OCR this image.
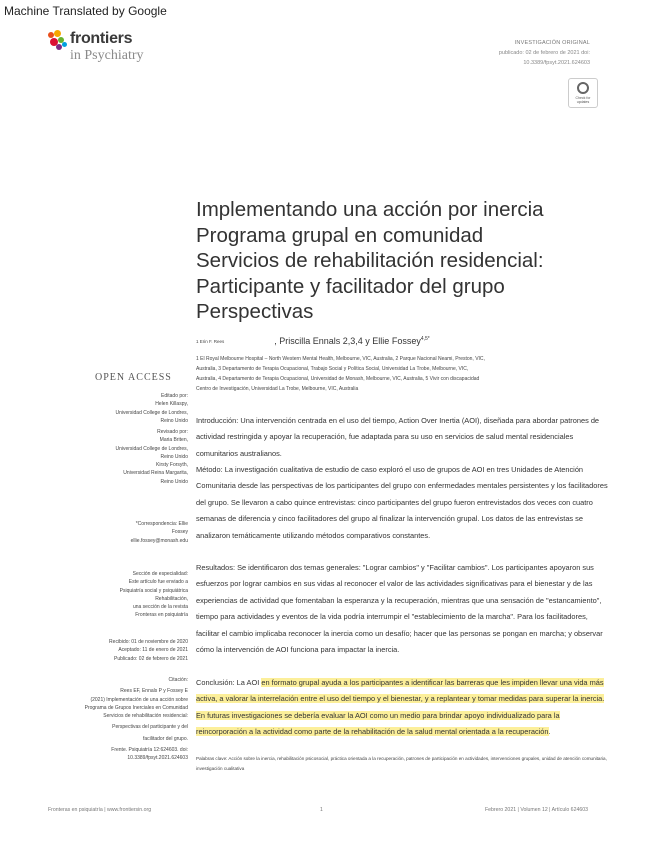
Machine Translated by Google
frontiers
in Psychiatry
INVESTIGACIÓN ORIGINAL
publicado: 02 de febrero de 2021 doi:
10.3389/fpsyt.2021.624603
Check for updates
Implementando una acción por inercia
Programa grupal en comunidad
Servicios de rehabilitación residencial:
Participante y facilitador del grupo
Perspectivas
1 Erin F. Rees	, Priscilla Ennals 2,3,4 y Ellie Fossey$^{4,5*}$
1 El Royal Melbourne Hospital – North Western Mental Health, Melbourne, VIC, Australia, 2 Parque Nacional Neami, Preston, VIC,
Australia, 3 Departamento de Terapia Ocupacional, Trabajo Social y Política Social, Universidad La Trobe, Melbourne, VIC,
Australia, 4 Departamento de Terapia Ocupacional, Universidad de Monash, Melbourne, VIC, Australia, 5 Vivir con discapacidad
Centro de Investigación, Universidad La Trobe, Melbourne, VIC, Australia
OPEN ACCESS
Editado por:
Helen Killaspy,
Universidad College de Londres,
Reino Unido
Revisado por:
Maria Briten,
Universidad College de Londres,
Reino Unido
Kirsty Forsyth,
Universidad Reina Margarita,
Reino Unido
*Correspondencia: Ellie
Fossey
ellie.fossey@monash.edu
Sección de especialidad:
Este artículo fue enviado a
Psiquiatría social y psiquiátrica
Rehabilitación,
una sección de la revista
Fronteras en psiquiatría
Recibido: 01 de noviembre de 2020
Aceptado: 11 de enero de 2021
Publicado: 02 de febrero de 2021
Citación:
Rees EF, Ennals P y Fossey E
(2021) Implementación de una acción sobre
Programa de Grupos Inerciales en Comunidad
Servicios de rehabilitación residencial:
Perspectivas del participante y del
facilitador del grupo.
Frente. Psiquiatría 12:624603. doi:
10.3389/fpsyt.2021.624603

Introducción: Una intervención centrada en el uso del tiempo, Action Over Inertia (AOI), diseñada para abordar patrones de actividad restringida y apoyar la recuperación, fue adaptada para su uso en servicios de salud mental residenciales comunitarios australianos.

Método: La investigación cualitativa de estudio de caso exploró el uso de grupos de AOI en tres Unidades de Atención Comunitaria desde las perspectivas de los participantes del grupo con enfermedades mentales persistentes y los facilitadores del grupo. Se llevaron a cabo quince entrevistas: cinco participantes del grupo fueron entrevistados dos veces con cuatro semanas de diferencia y cinco facilitadores del grupo al finalizar la intervención grupal. Los datos de las entrevistas se analizaron temáticamente utilizando métodos comparativos constantes.

Resultados: Se identificaron dos temas generales: "Lograr cambios" y "Facilitar cambios". Los participantes apoyaron sus esfuerzos por lograr cambios en sus vidas al reconocer el valor de las actividades significativas para el bienestar y de las experiencias de actividad que fomentaban la esperanza y la recuperación, mientras que una sensación de "estancamiento", tiempo para actividades y eventos de la vida podría interrumpir el "establecimiento de la marcha". Para los facilitadores, facilitar el cambio implicaba reconocer la inercia como un desafío; hacer que las personas se pongan en marcha; y observar cómo la intervención de AOI funciona para impactar la inercia.

Conclusión: La AOI en formato grupal ayuda a los participantes a identificar las barreras que les impiden llevar una vida más activa, a valorar la interrelación entre el uso del tiempo y el bienestar, y a replantear y tomar medidas para superar la inercia. En futuras investigaciones se debería evaluar la AOI como un medio para brindar apoyo individualizado para la reincorporación a la actividad como parte de la rehabilitación de la salud mental orientada a la recuperación.

Palabras clave: Acción sobre la inercia, rehabilitación psicosocial, práctica orientada a la recuperación, patrones de participación en actividades, intervenciones grupales, unidad de atención comunitaria, investigación cualitativa
Fronteras en psiquiatría | www.frontiersin.org	1	Febrero 2021 | Volumen 12 | Artículo 624603
